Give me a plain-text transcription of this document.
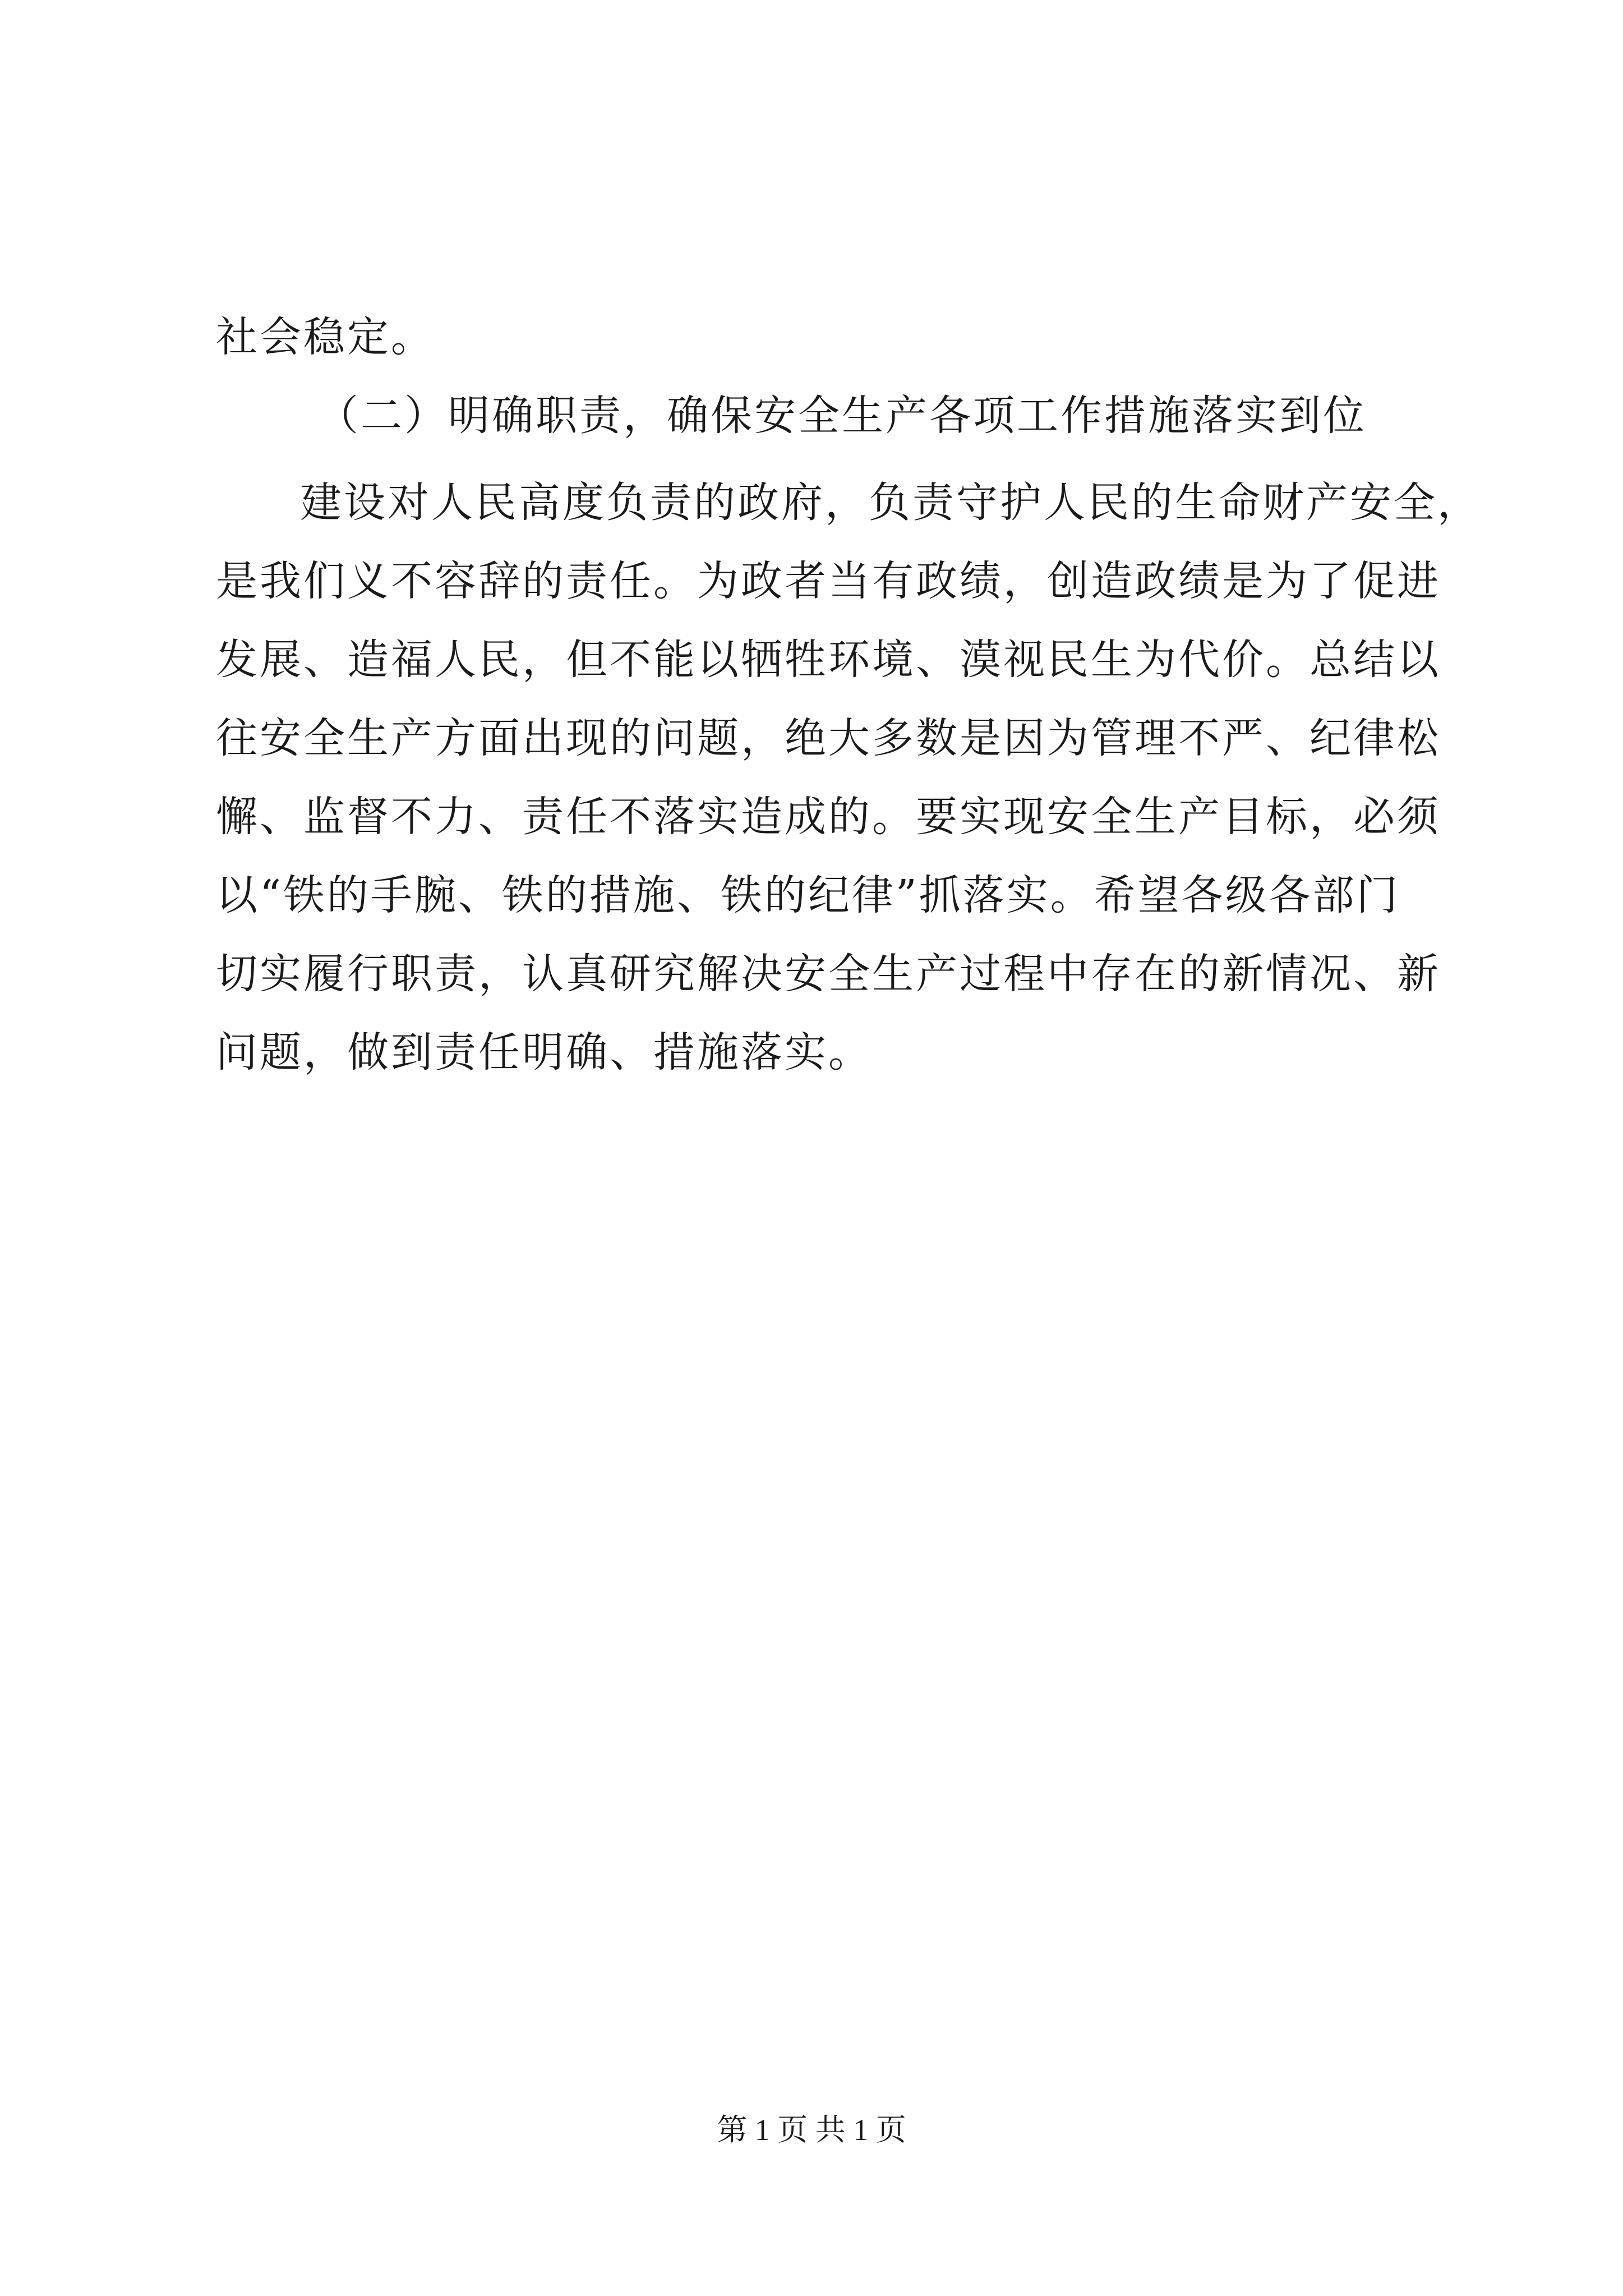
社会稳定。
（二）明确职责，确保安全生产各项工作措施落实到位
建设对人民高度负责的政府，负责守护人民的生命财产安全，
是我们义不容辞的责任。为政者当有政绩，创造政绩是为了促进
发展、造福人民，但不能以牺牲环境、漠视民生为代价。总结以
往安全生产方面出现的问题，绝大多数是因为管理不严、纪律松
懈、监督不力、责任不落实造成的。要实现安全生产目标，必须
以“铁的手腕、铁的措施、铁的纪律”抓落实。希望各级各部门
切实履行职责，认真研究解决安全生产过程中存在的新情况、新
问题，做到责任明确、措施落实。
第 1 页 共 1 页
